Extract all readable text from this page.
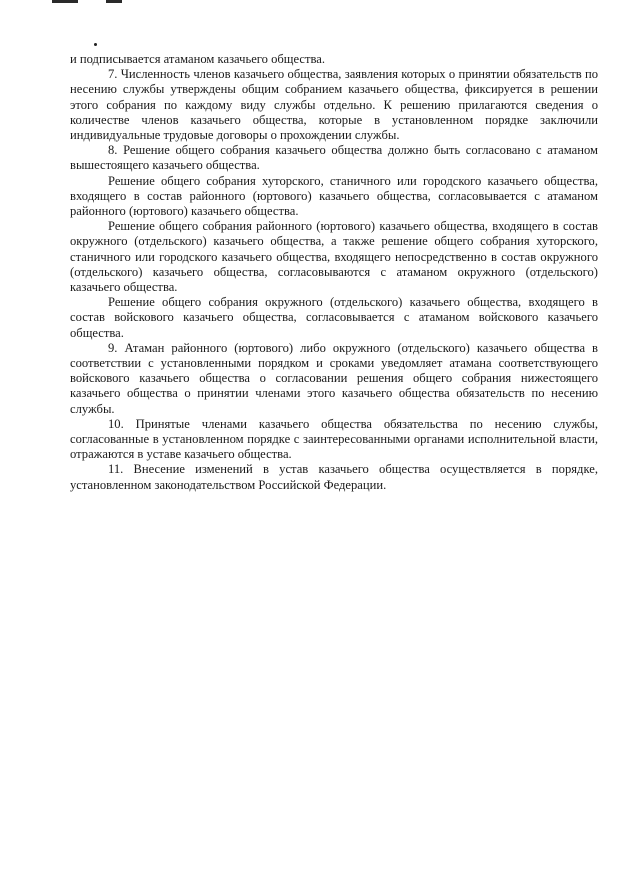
и подписывается атаманом казачьего общества.

7. Численность членов казачьего общества, заявления которых о принятии обязательств по несению службы утверждены общим собранием казачьего общества, фиксируется в решении этого собрания по каждому виду службы отдельно. К решению прилагаются сведения о количестве членов казачьего общества, которые в установленном порядке заключили индивидуальные трудовые договоры о прохождении службы.

8. Решение общего собрания казачьего общества должно быть согласовано с атаманом вышестоящего казачьего общества.

Решение общего собрания хуторского, станичного или городского казачьего общества, входящего в состав районного (юртового) казачьего общества, согласовывается с атаманом районного (юртового) казачьего общества.

Решение общего собрания районного (юртового) казачьего общества, входящего в состав окружного (отдельского) казачьего общества, а также решение общего собрания хуторского, станичного или городского казачьего общества, входящего непосредственно в состав окружного (отдельского) казачьего общества, согласовываются с атаманом окружного (отдельского) казачьего общества.

Решение общего собрания окружного (отдельского) казачьего общества, входящего в состав войскового казачьего общества, согласовывается с атаманом войскового казачьего общества.

9. Атаман районного (юртового) либо окружного (отдельского) казачьего общества в соответствии с установленными порядком и сроками уведомляет атамана соответствующего войскового казачьего общества о согласовании решения общего собрания нижестоящего казачьего общества о принятии членами этого казачьего общества обязательств по несению службы.

10. Принятые членами казачьего общества обязательства по несению службы, согласованные в установленном порядке с заинтересованными органами исполнительной власти, отражаются в уставе казачьего общества.

11. Внесение изменений в устав казачьего общества осуществляется в порядке, установленном законодательством Российской Федерации.
